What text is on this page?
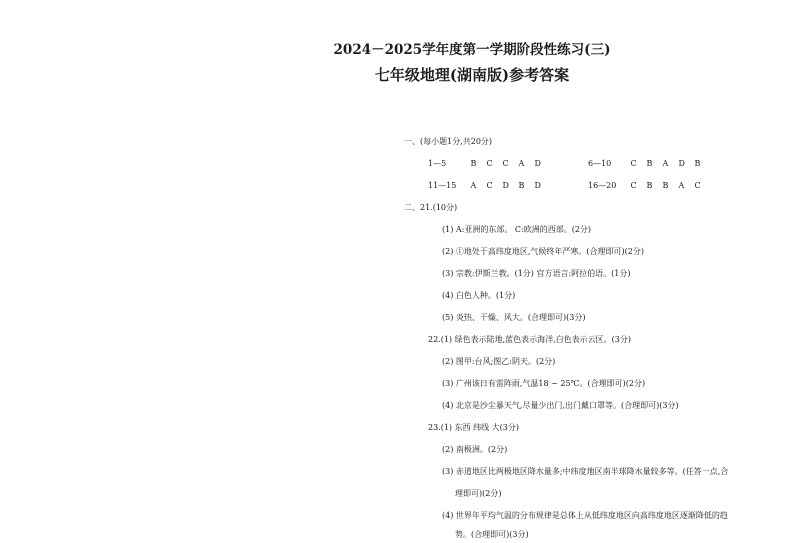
2024－2025学年度第一学期阶段性练习(三)
七年级地理(湖南版)参考答案
一、(每小题1分,共20分)
1—5	B C C A D	6—10 C B A D B
11—15 A C D B D	16—20 C B B A C
二、21.(10分)
(1) A:亚洲的东部。 C:欧洲的西部。(2分)
(2) ①地处于高纬度地区,气候终年严寒。(合理即可)(2分)
(3) 宗教:伊斯兰教。(1分) 官方语言:阿拉伯语。(1分)
(4) 白色人种。(1分)
(5) 炎热、干燥、风大。(合理即可)(3分)
22.(1) 绿色表示陆地,蓝色表示海洋,白色表示云区。(3分)
(2) 图甲:台风;图乙:阴天。(2分)
(3) 广州该日有雷阵雨,气温18 ~ 25℃。(合理即可)(2分)
(4) 北京是沙尘暴天气,尽量少出门,出门戴口罩等。(合理即可)(3分)
23.(1) 东西 纬线 大(3分)
(2) 南极洲。(2分)
(3) 赤道地区比两极地区降水量多;中纬度地区南半球降水量较多等。(任答一点,合
理即可)(2分)
(4) 世界年平均气温的分布规律是总体上从低纬度地区向高纬度地区逐渐降低的趋
势。(合理即可)(3分)
